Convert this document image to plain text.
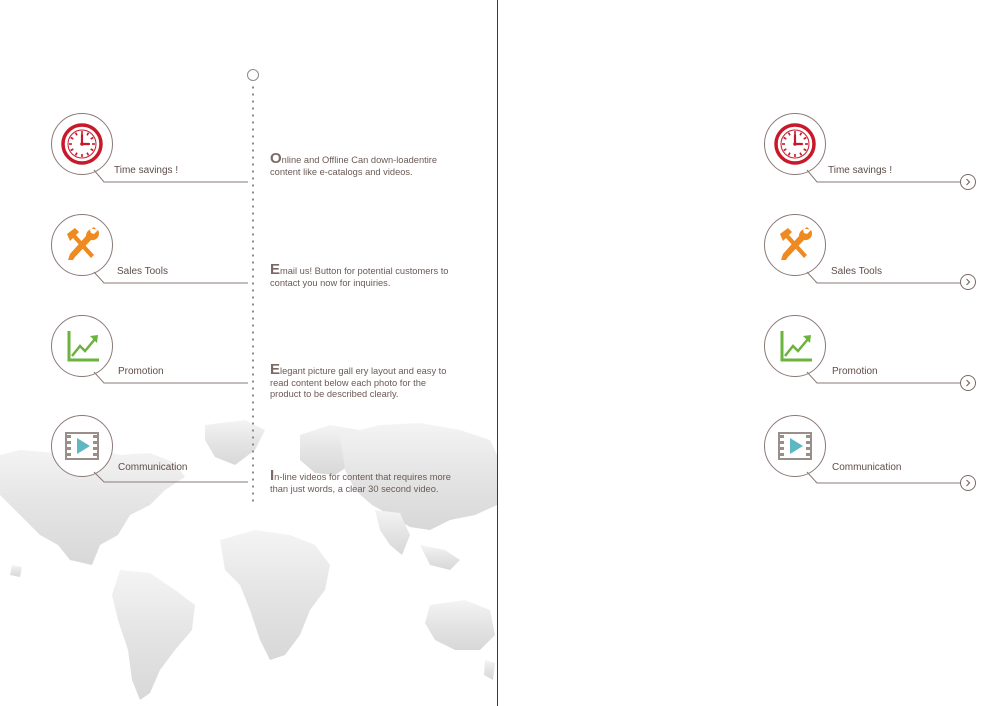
Time savings !
Sales Tools
Promotion
Communication
Online and Offline Can down-loadentire content like e-catalogs and videos.
Email us! Button for potential customers to contact you now for inquiries.
Elegant picture gall ery layout and easy to read content below each photo for the product to be described clearly.
In-line videos for content that requires more than just words, a clear 30 second video.
Time savings !
Sales Tools
Promotion
Communication
